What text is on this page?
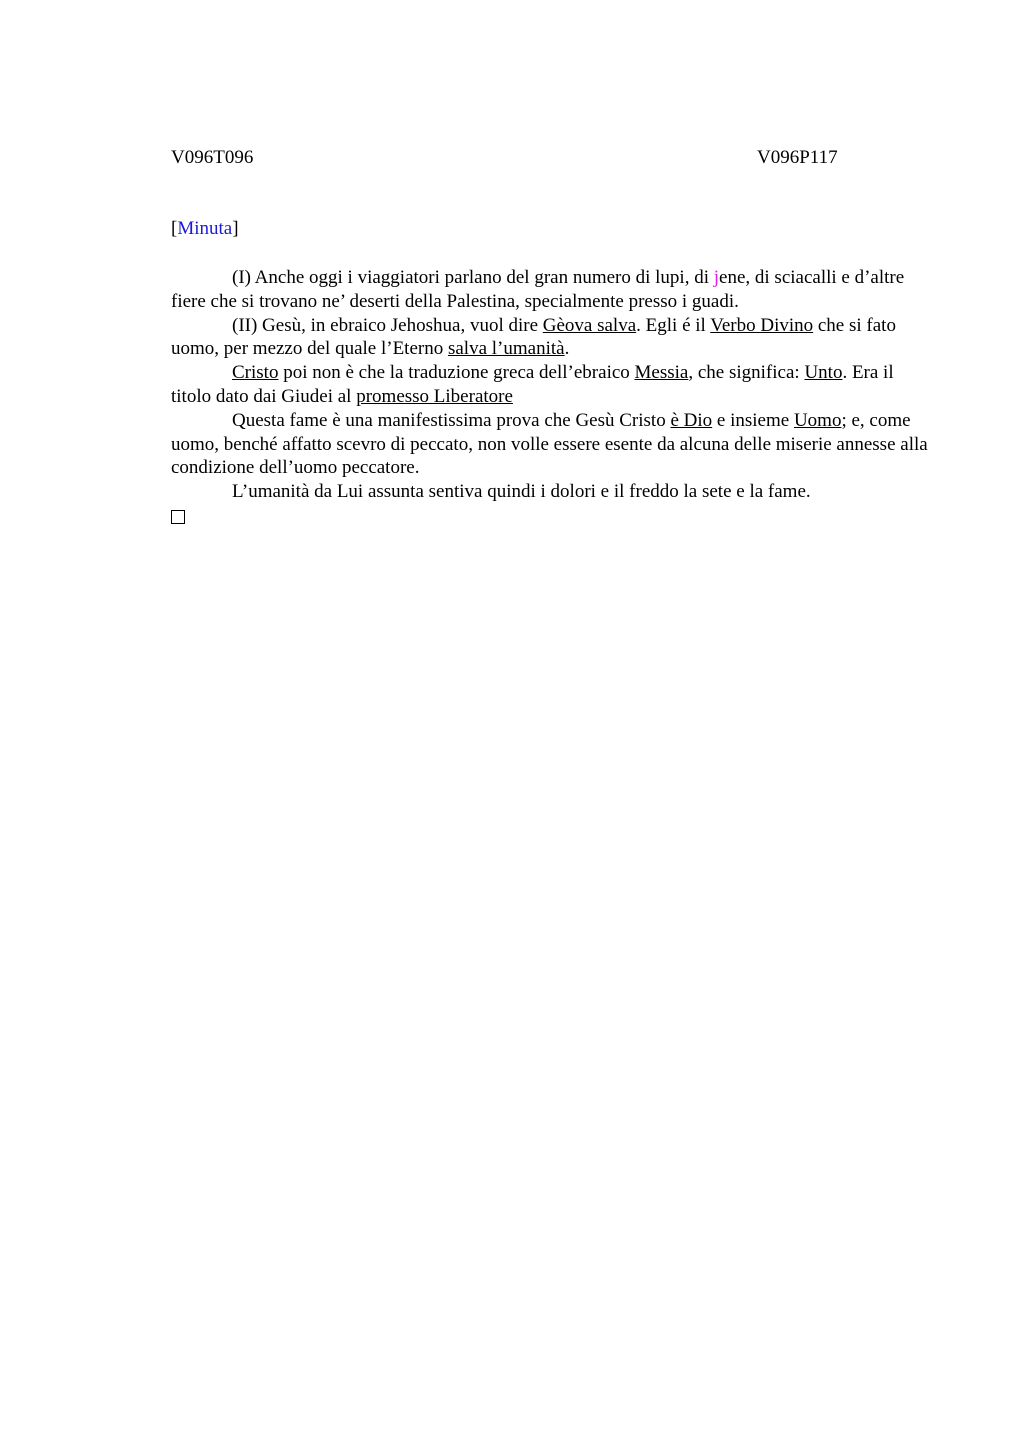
V096T096	V096P117
[Minuta]

(I) Anche oggi i viaggiatori parlano del gran numero di lupi, di jene, di sciacalli e d’altre fiere che si trovano ne’ deserti della Palestina, specialmente presso i guadi.

(II) Gesù, in ebraico Jehoshua, vuol dire Gèova salva. Egli é il Verbo Divino che si fato uomo, per mezzo del quale l’Eterno salva l’umanità.

Cristo poi non è che la traduzione greca dell’ebraico Messia, che significa: Unto. Era il titolo dato dai Giudei al promesso Liberatore

Questa fame è una manifestissima prova che Gesù Cristo è Dio e insieme Uomo; e, come uomo, benché affatto scevro di peccato, non volle essere esente da alcuna delle miserie annesse alla condizione dell’uomo peccatore.

L’umanità da Lui assunta sentiva quindi i dolori e il freddo la sete e la fame.
